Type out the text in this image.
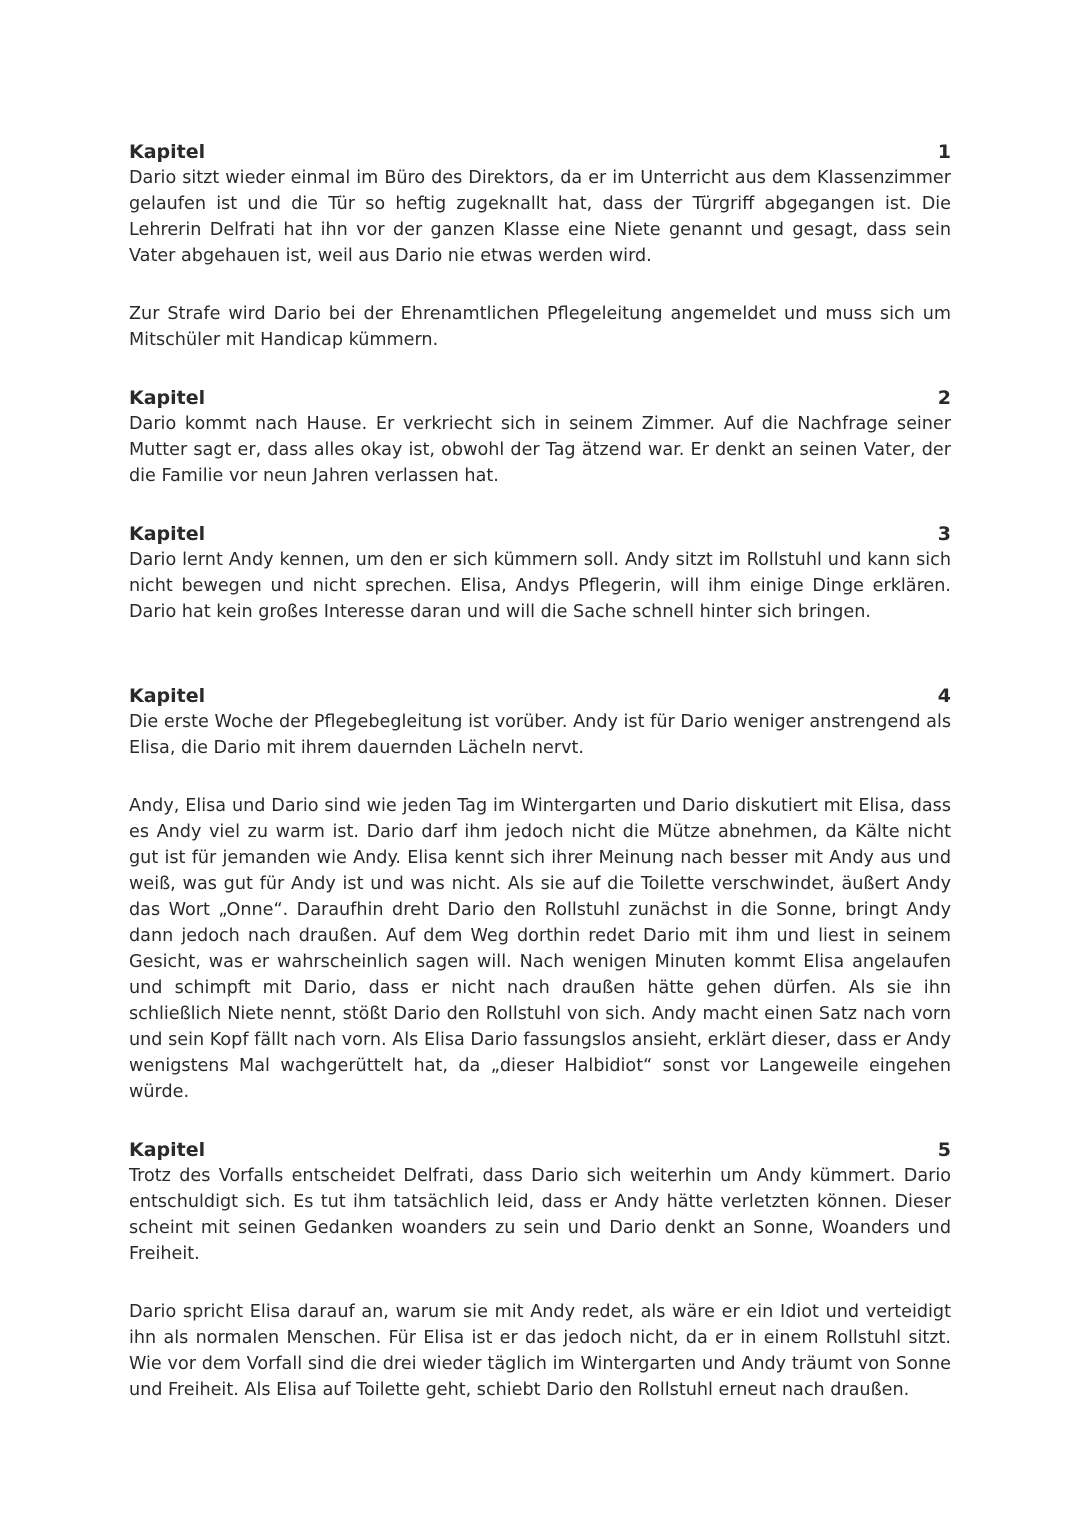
Kapitel	1

Dario sitzt wieder einmal im Büro des Direktors, da er im Unterricht aus dem Klassenzimmer gelaufen ist und die Tür so heftig zugeknallt hat, dass der Türgriff abgegangen ist. Die Lehrerin Delfrati hat ihn vor der ganzen Klasse eine Niete genannt und gesagt, dass sein Vater abgehauen ist, weil aus Dario nie etwas werden wird.

Zur Strafe wird Dario bei der Ehrenamtlichen Pflegeleitung angemeldet und muss sich um Mitschüler mit Handicap kümmern.

Kapitel	2

Dario kommt nach Hause. Er verkriecht sich in seinem Zimmer. Auf die Nachfrage seiner Mutter sagt er, dass alles okay ist, obwohl der Tag ätzend war. Er denkt an seinen Vater, der die Familie vor neun Jahren verlassen hat.

Kapitel	3

Dario lernt Andy kennen, um den er sich kümmern soll. Andy sitzt im Rollstuhl und kann sich nicht bewegen und nicht sprechen. Elisa, Andys Pflegerin, will ihm einige Dinge erklären. Dario hat kein großes Interesse daran und will die Sache schnell hinter sich bringen.

Kapitel	4

Die erste Woche der Pflegebegleitung ist vorüber. Andy ist für Dario weniger anstrengend als Elisa, die Dario mit ihrem dauernden Lächeln nervt.

Andy, Elisa und Dario sind wie jeden Tag im Wintergarten und Dario diskutiert mit Elisa, dass es Andy viel zu warm ist. Dario darf ihm jedoch nicht die Mütze abnehmen, da Kälte nicht gut ist für jemanden wie Andy. Elisa kennt sich ihrer Meinung nach besser mit Andy aus und weiß, was gut für Andy ist und was nicht. Als sie auf die Toilette verschwindet, äußert Andy das Wort „Onne“. Daraufhin dreht Dario den Rollstuhl zunächst in die Sonne, bringt Andy dann jedoch nach draußen. Auf dem Weg dorthin redet Dario mit ihm und liest in seinem Gesicht, was er wahrscheinlich sagen will. Nach wenigen Minuten kommt Elisa angelaufen und schimpft mit Dario, dass er nicht nach draußen hätte gehen dürfen. Als sie ihn schließlich Niete nennt, stößt Dario den Rollstuhl von sich. Andy macht einen Satz nach vorn und sein Kopf fällt nach vorn. Als Elisa Dario fassungslos ansieht, erklärt dieser, dass er Andy wenigstens Mal wachgerüttelt hat, da „dieser Halbidiot“ sonst vor Langeweile eingehen würde.

Kapitel	5

Trotz des Vorfalls entscheidet Delfrati, dass Dario sich weiterhin um Andy kümmert. Dario entschuldigt sich. Es tut ihm tatsächlich leid, dass er Andy hätte verletzten können. Dieser scheint mit seinen Gedanken woanders zu sein und Dario denkt an Sonne, Woanders und Freiheit.

Dario spricht Elisa darauf an, warum sie mit Andy redet, als wäre er ein Idiot und verteidigt ihn als normalen Menschen. Für Elisa ist er das jedoch nicht, da er in einem Rollstuhl sitzt. Wie vor dem Vorfall sind die drei wieder täglich im Wintergarten und Andy träumt von Sonne und Freiheit. Als Elisa auf Toilette geht, schiebt Dario den Rollstuhl erneut nach draußen.
